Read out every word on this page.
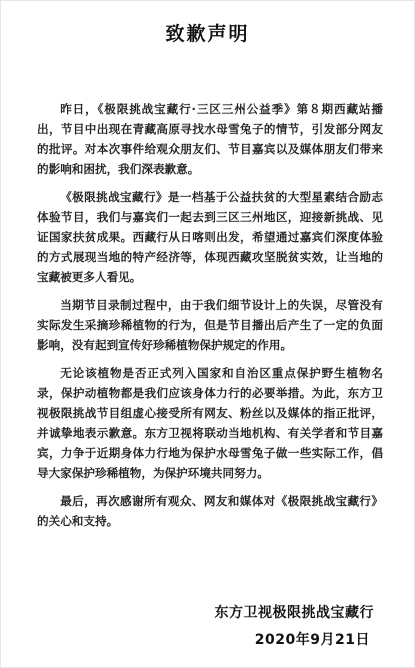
致歉声明

昨日，《极限挑战宝藏行·三区三州公益季》第８期西藏站播出，节目中出现在青藏高原寻找水母雪兔子的情节，引发部分网友的批评。对本次事件给观众朋友们、节目嘉宾以及媒体朋友们带来的影响和困扰，我们深表歉意。

《极限挑战宝藏行》是一档基于公益扶贫的大型星素结合励志体验节目，我们与嘉宾们一起去到三区三州地区，迎接新挑战、见证国家扶贫成果。西藏行从日喀则出发，希望通过嘉宾们深度体验的方式展现当地的特产经济等，体现西藏攻坚脱贫实效，让当地的宝藏被更多人看见。

当期节目录制过程中，由于我们细节设计上的失误，尽管没有实际发生采摘珍稀植物的行为，但是节目播出后产生了一定的负面影响，没有起到宣传好珍稀植物保护规定的作用。

无论该植物是否正式列入国家和自治区重点保护野生植物名录，保护动植物都是我们应该身体力行的必要举措。为此，东方卫视极限挑战节目组虚心接受所有网友、粉丝以及媒体的指正批评，并诚挚地表示歉意。东方卫视将联动当地机构、有关学者和节目嘉宾，力争于近期身体力行地为保护水母雪兔子做一些实际工作，倡导大家保护珍稀植物，为保护环境共同努力。

最后，再次感谢所有观众、网友和媒体对《极限挑战宝藏行》的关心和支持。

东方卫视极限挑战宝藏行
2020年9月21日
